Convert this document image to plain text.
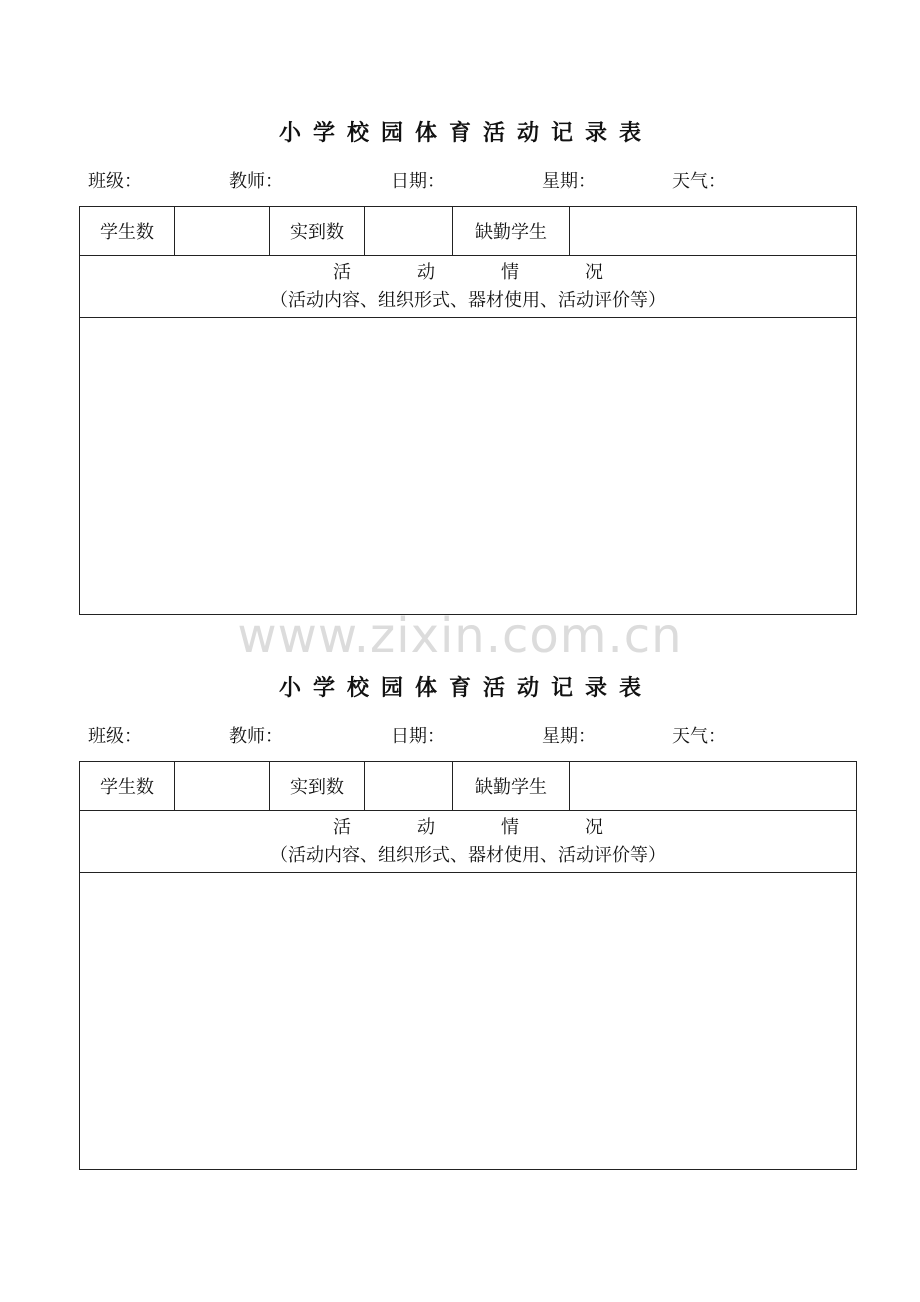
小学校园体育活动记录表
班级：	教师：	日期：	星期：	天气：
学生数		实到数		缺勤学生	

活	动	情	况
（活动内容、组织形式、器材使用、活动评价等）

www.zixin.com.cn
小学校园体育活动记录表
班级：	教师：	日期：	星期：	天气：
学生数		实到数		缺勤学生	

活	动	情	况
（活动内容、组织形式、器材使用、活动评价等）
